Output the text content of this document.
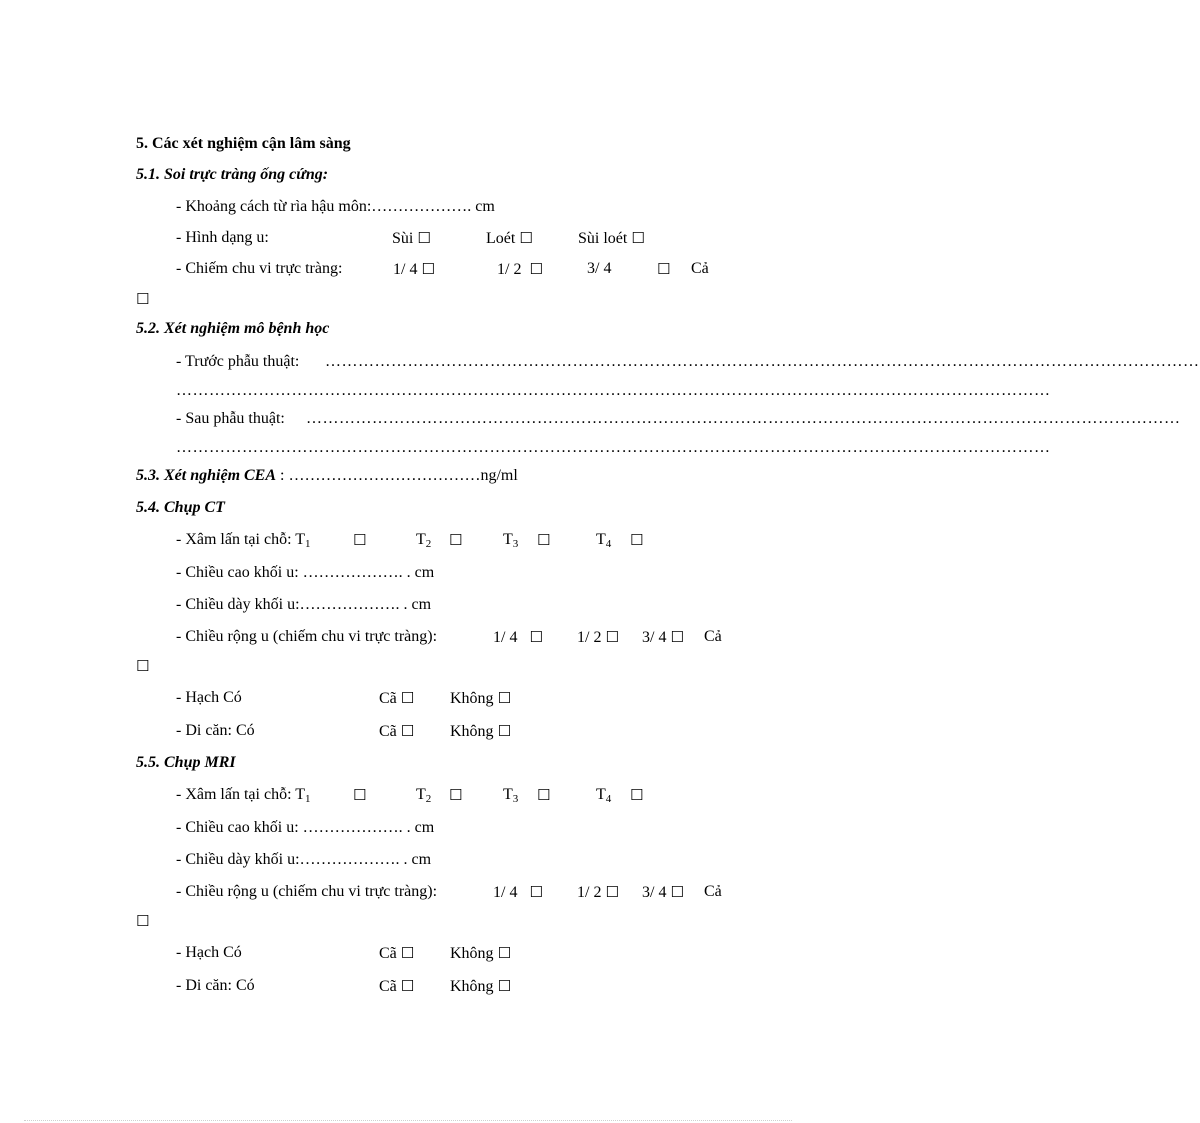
5. Các xét nghiệm cận lâm sàng
5.1. Soi trực tràng ống cứng:
- Khoảng cách từ rìa hậu môn:………………. cm
- Hình dạng u:	Sùi ☐	Loét ☐	Sùi loét ☐
- Chiếm chu vi trực tràng:	1/ 4 ☐	1/ 2 ☐	3/ 4	☐ Cả
☐
5.2. Xét nghiệm mô bệnh học
- Trước phẫu thuật: ……………………………………………………………………………………………………………………………………………
……………………………………………………………………………………………………………………………………………
- Sau phẫu thuật: ……………………………………………………………………………………………………………………………………………
……………………………………………………………………………………………………………………………………………
5.3. Xét nghiệm CEA : ………………………………ng/ml
5.4. Chụp CT
- Xâm lấn tại chỗ: $T_1$	☐	$T_2$ ☐	$T_3$ ☐	$T_4$ ☐
- Chiều cao khối u: ………………. . cm
- Chiều dày khối u:………………. . cm
- Chiều rộng u (chiếm chu vi trực tràng):	1/ 4 ☐ 1/ 2 ☐ 3/ 4 ☐ Cả
☐
- Hạch Có	Cã ☐ Không ☐
- Di căn: Có	Cã ☐ Không ☐
5.5. Chụp MRI
- Xâm lấn tại chỗ: $T_1$	☐	$T_2$ ☐	$T_3$ ☐	$T_4$ ☐
- Chiều cao khối u: ………………. . cm
- Chiều dày khối u:………………. . cm
- Chiều rộng u (chiếm chu vi trực tràng):	1/ 4 ☐ 1/ 2 ☐ 3/ 4 ☐ Cả
☐
- Hạch Có	Cã ☐ Không ☐
- Di căn: Có	Cã ☐ Không ☐
